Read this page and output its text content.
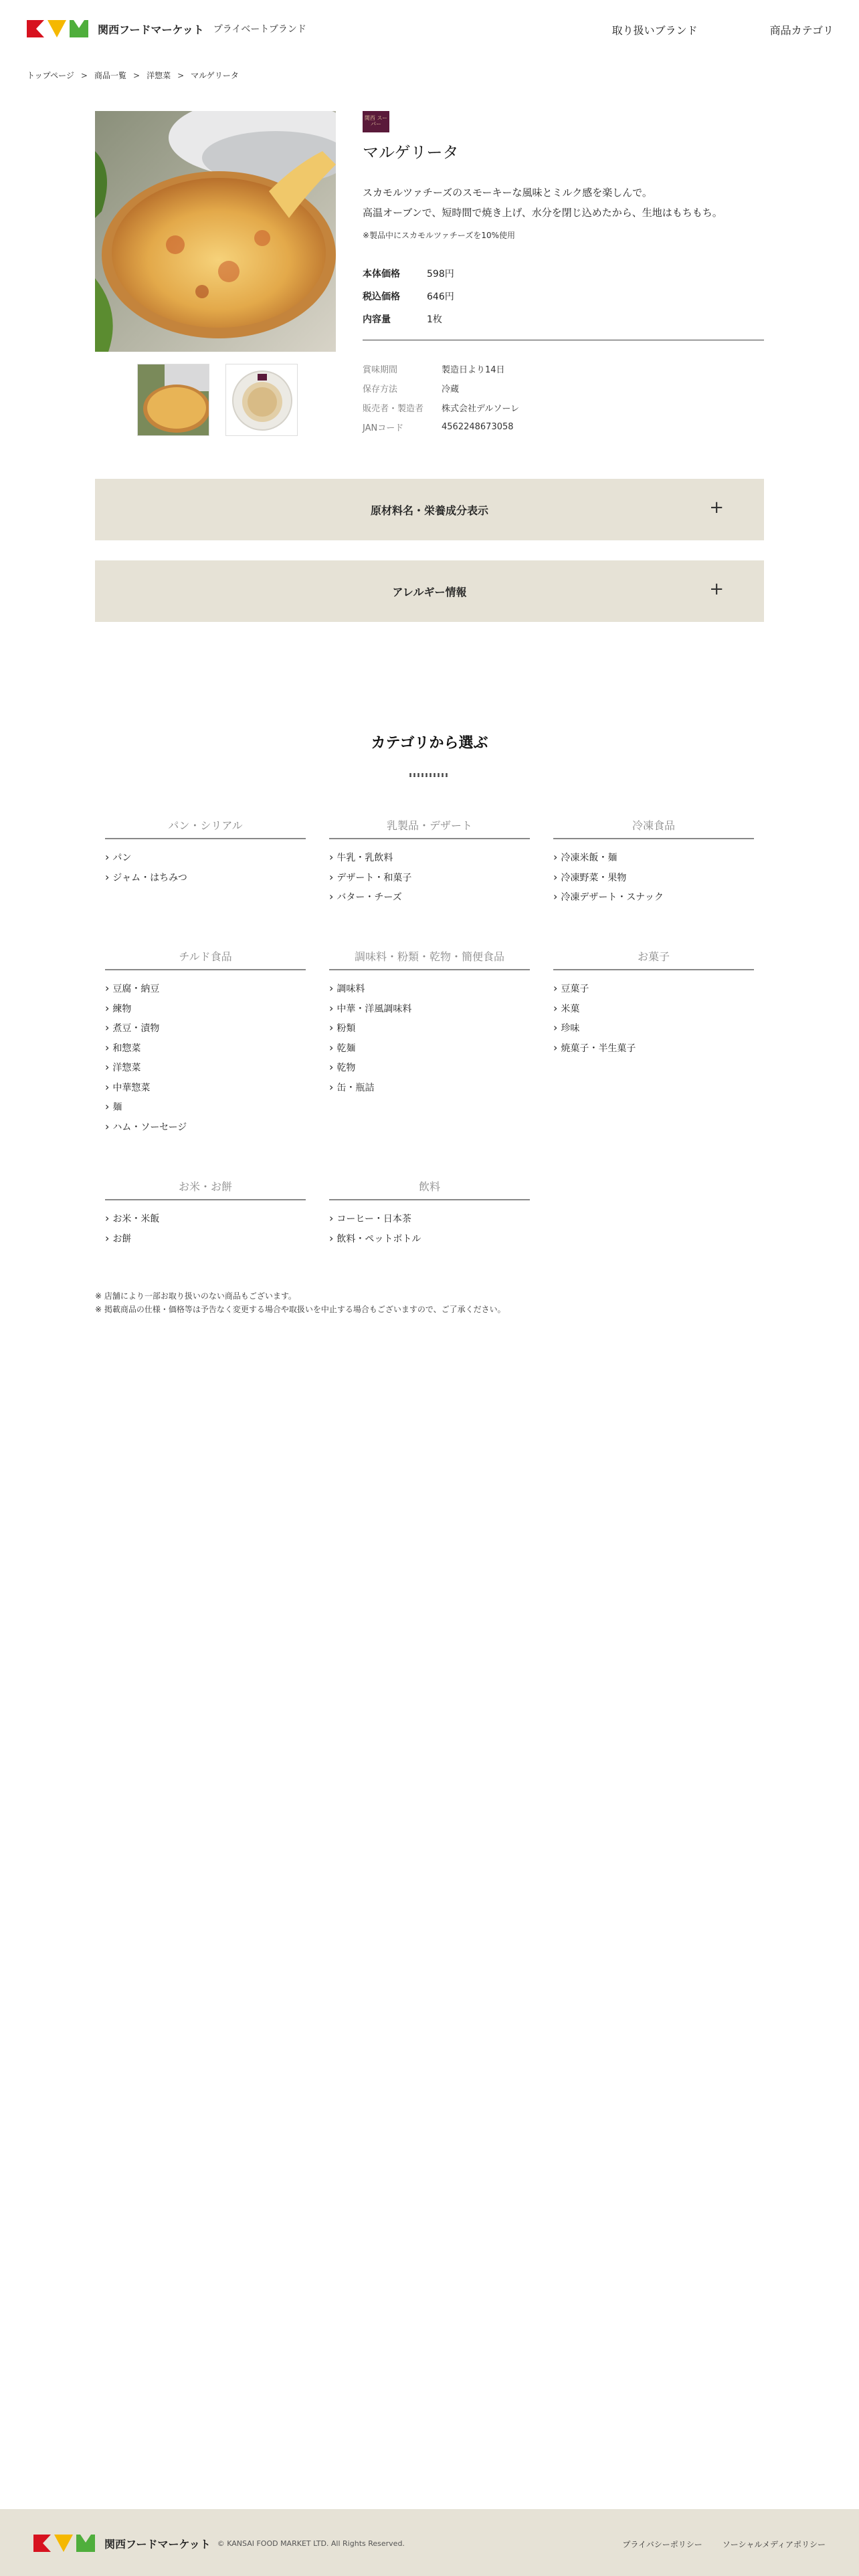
関西フードマーケット プライベートブランド	取り扱いブランド	商品カテゴリ
トップページ > 商品一覧 > 洋惣菜 > マルゲリータ
関西 スーパー
マルゲリータ
スカモルツァチーズのスモーキーな風味とミルク感を楽しんで。
高温オーブンで、短時間で焼き上げ、水分を閉じ込めたから、生地はもちもち。
※製品中にスカモルツァチーズを10%使用
本体価格	598円
税込価格	646円
内容量	1枚
賞味期間	製造日より14日
保存方法	冷蔵
販売者・製造者	株式会社デルソーレ
JANコード	4562248673058
原材料名・栄養成分表示	+
アレルギー情報	+
カテゴリから選ぶ
パン・シリアル
› パン
› ジャム・はちみつ
乳製品・デザート
› 牛乳・乳飲料
› デザート・和菓子
› バター・チーズ
冷凍食品
› 冷凍米飯・麺
› 冷凍野菜・果物
› 冷凍デザート・スナック
チルド食品
› 豆腐・納豆
› 練物
› 煮豆・漬物
› 和惣菜
› 洋惣菜
› 中華惣菜
› 麺
› ハム・ソーセージ
調味料・粉類・乾物・簡便食品
› 調味料
› 中華・洋風調味料
› 粉類
› 乾麺
› 乾物
› 缶・瓶詰
お菓子
› 豆菓子
› 米菓
› 珍味
› 焼菓子・半生菓子
お米・お餅
› お米・米飯
› お餅
飲料
› コーヒー・日本茶
› 飲料・ペットボトル
※ 店舗により一部お取り扱いのない商品もございます。
※ 掲載商品の仕様・価格等は予告なく変更する場合や取扱いを中止する場合もございますので、ご了承ください。
関西フードマーケット © KANSAI FOOD MARKET LTD. All Rights Reserved.	プライバシーポリシー	ソーシャルメディアポリシー
